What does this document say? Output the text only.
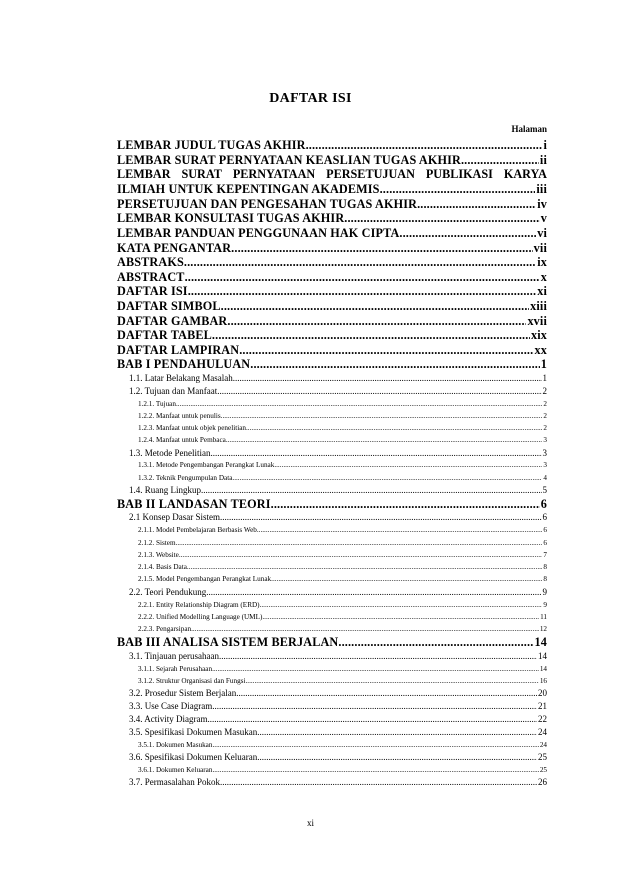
DAFTAR ISI
Halaman
LEMBAR JUDUL TUGAS AKHIR .....	i
LEMBAR SURAT PERNYATAAN KEASLIAN TUGAS AKHIR .....	ii
LEMBAR SURAT PERNYATAAN PERSETUJUAN PUBLIKASI KARYA
ILMIAH UNTUK KEPENTINGAN AKADEMIS .....	iii
PERSETUJUAN DAN PENGESAHAN TUGAS AKHIR .....	iv
LEMBAR KONSULTASI TUGAS AKHIR .....	v
LEMBAR PANDUAN PENGGUNAAN HAK CIPTA .....	vi
KATA PENGANTAR .....	vii
ABSTRAKS .....	ix
ABSTRACT .....	x
DAFTAR ISI .....	xi
DAFTAR SIMBOL .....	xiii
DAFTAR GAMBAR .....	xvii
DAFTAR TABEL .....	xix
DAFTAR LAMPIRAN .....	xx
BAB I PENDAHULUAN .....	1
1.1. Latar Belakang Masalah .....	1
1.2. Tujuan dan Manfaat .....	2
1.2.1. Tujuan .....	2
1.2.2. Manfaat untuk penulis .....	2
1.2.3. Manfaat untuk objek penelitian .....	2
1.2.4. Manfaat untuk Pembaca .....	3
1.3. Metode Penelitian .....	3
1.3.1. Metode Pengembangan Perangkat Lunak .....	3
1.3.2. Teknik Pengumpulan Data .....	4
1.4. Ruang Lingkup .....	5
BAB II LANDASAN TEORI .....	6
2.1 Konsep Dasar Sistem .....	6
2.1.1. Model Pembelajaran Berbasis Web .....	6
2.1.2. Sistem .....	6
2.1.3. Website .....	7
2.1.4. Basis Data .....	8
2.1.5. Model Pengembangan Perangkat Lunak .....	8
2.2. Teori Pendukung .....	9
2.2.1. Entity Relationship Diagram (ERD) .....	9
2.2.2. Unified Modelling Language (UML) .....	11
2.2.3. Pengarsipan .....	12
BAB III ANALISA SISTEM BERJALAN .....	14
3.1. Tinjauan perusahaan .....	14
3.1.1. Sejarah Perusahaan .....	14
3.1.2. Struktur Organisasi dan Fungsi .....	16
3.2. Prosedur Sistem Berjalan .....	20
3.3. Use Case Diagram .....	21
3.4. Activity Diagram .....	22
3.5. Spesifikasi Dokumen Masukan .....	24
3.5.1. Dokumen Masukan .....	24
3.6. Spesifikasi Dokumen Keluaran .....	25
3.6.1. Dokumen Keluaran .....	25
3.7. Permasalahan Pokok .....	26
xi
